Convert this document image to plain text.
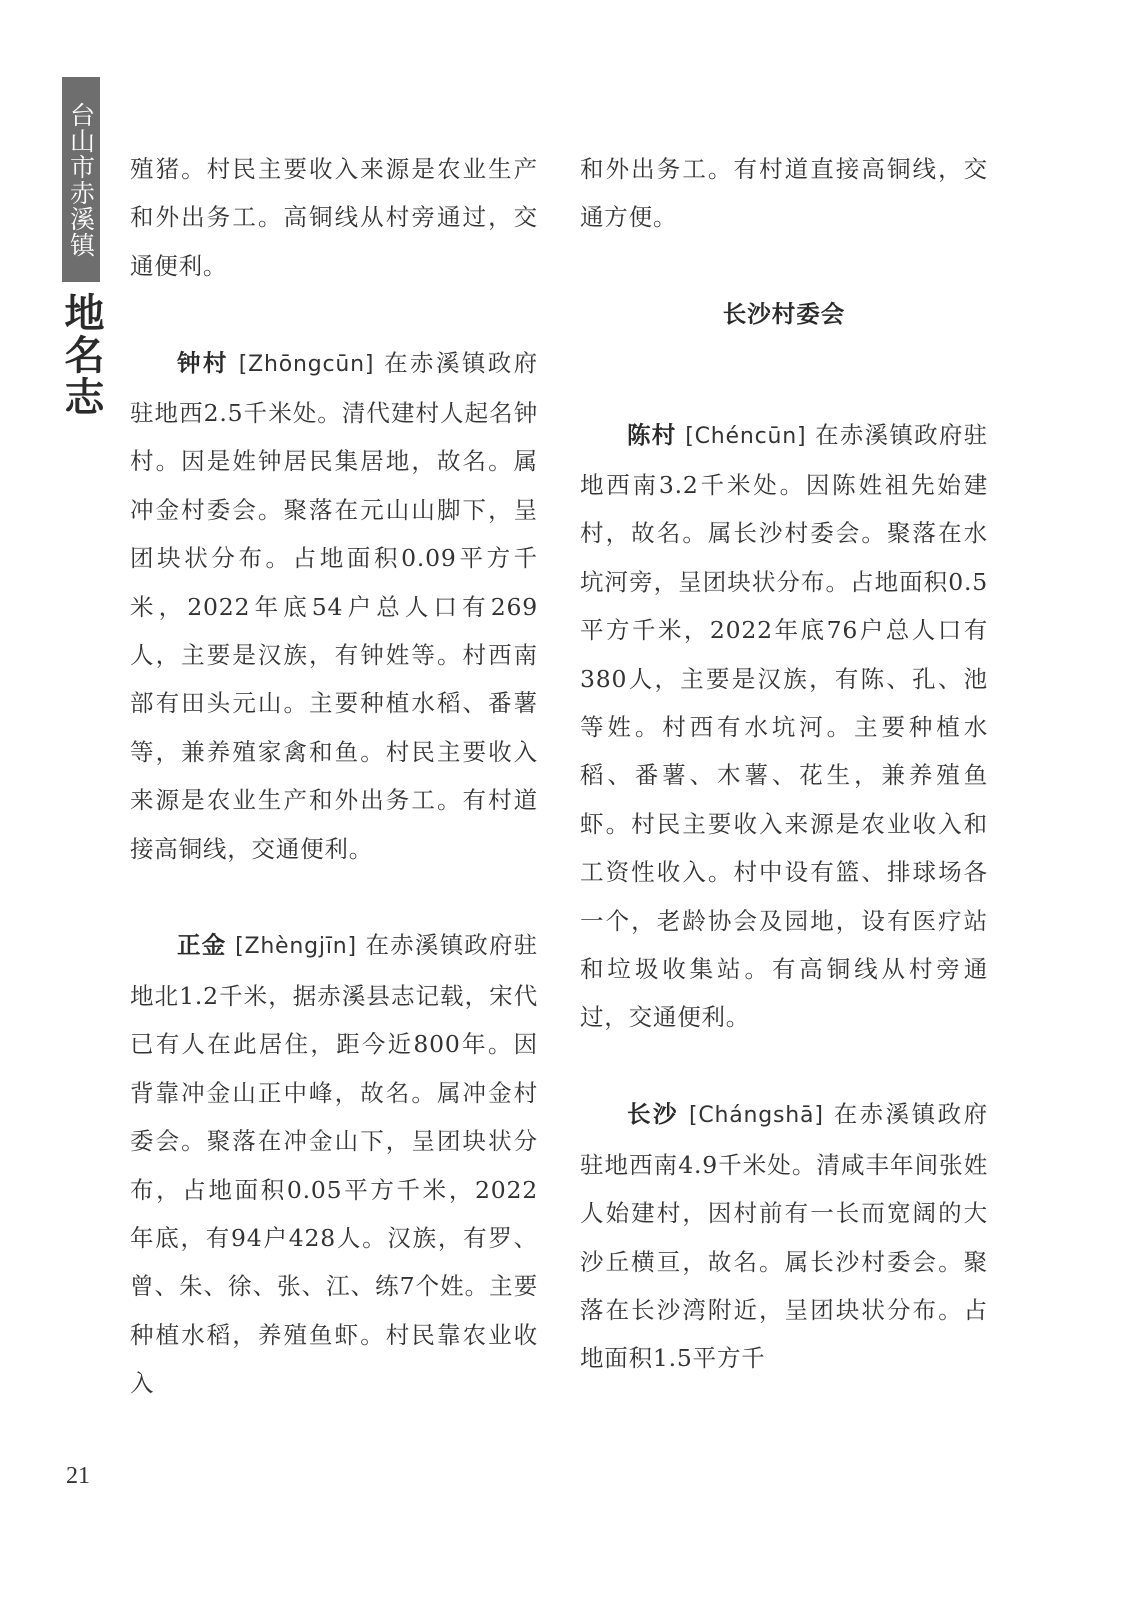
台山市赤溪镇
地名志

殖猪。村民主要收入来源是农业生产和外出务工。高铜线从村旁通过，交通便利。

钟村 [Zhōngcūn] 在赤溪镇政府驻地西2.5千米处。清代建村人起名钟村。因是姓钟居民集居地，故名。属冲金村委会。聚落在元山山脚下，呈团块状分布。占地面积0.09平方千米，2022年底54户总人口有269人，主要是汉族，有钟姓等。村西南部有田头元山。主要种植水稻、番薯等，兼养殖家禽和鱼。村民主要收入来源是农业生产和外出务工。有村道接高铜线，交通便利。

正金 [Zhèngjīn] 在赤溪镇政府驻地北1.2千米，据赤溪县志记载，宋代已有人在此居住，距今近800年。因背靠冲金山正中峰，故名。属冲金村委会。聚落在冲金山下，呈团块状分布，占地面积0.05平方千米，2022年底，有94户428人。汉族，有罗、曾、朱、徐、张、江、练7个姓。主要种植水稻，养殖鱼虾。村民靠农业收入

和外出务工。有村道直接高铜线，交通方便。

长沙村委会

陈村 [Chéncūn] 在赤溪镇政府驻地西南3.2千米处。因陈姓祖先始建村，故名。属长沙村委会。聚落在水坑河旁，呈团块状分布。占地面积0.5平方千米，2022年底76户总人口有380人，主要是汉族，有陈、孔、池等姓。村西有水坑河。主要种植水稻、番薯、木薯、花生，兼养殖鱼虾。村民主要收入来源是农业收入和工资性收入。村中设有篮、排球场各一个，老龄协会及园地，设有医疗站和垃圾收集站。有高铜线从村旁通过，交通便利。

长沙 [Chángshā] 在赤溪镇政府驻地西南4.9千米处。清咸丰年间张姓人始建村，因村前有一长而宽阔的大沙丘横亘，故名。属长沙村委会。聚落在长沙湾附近，呈团块状分布。占地面积1.5平方千

21
